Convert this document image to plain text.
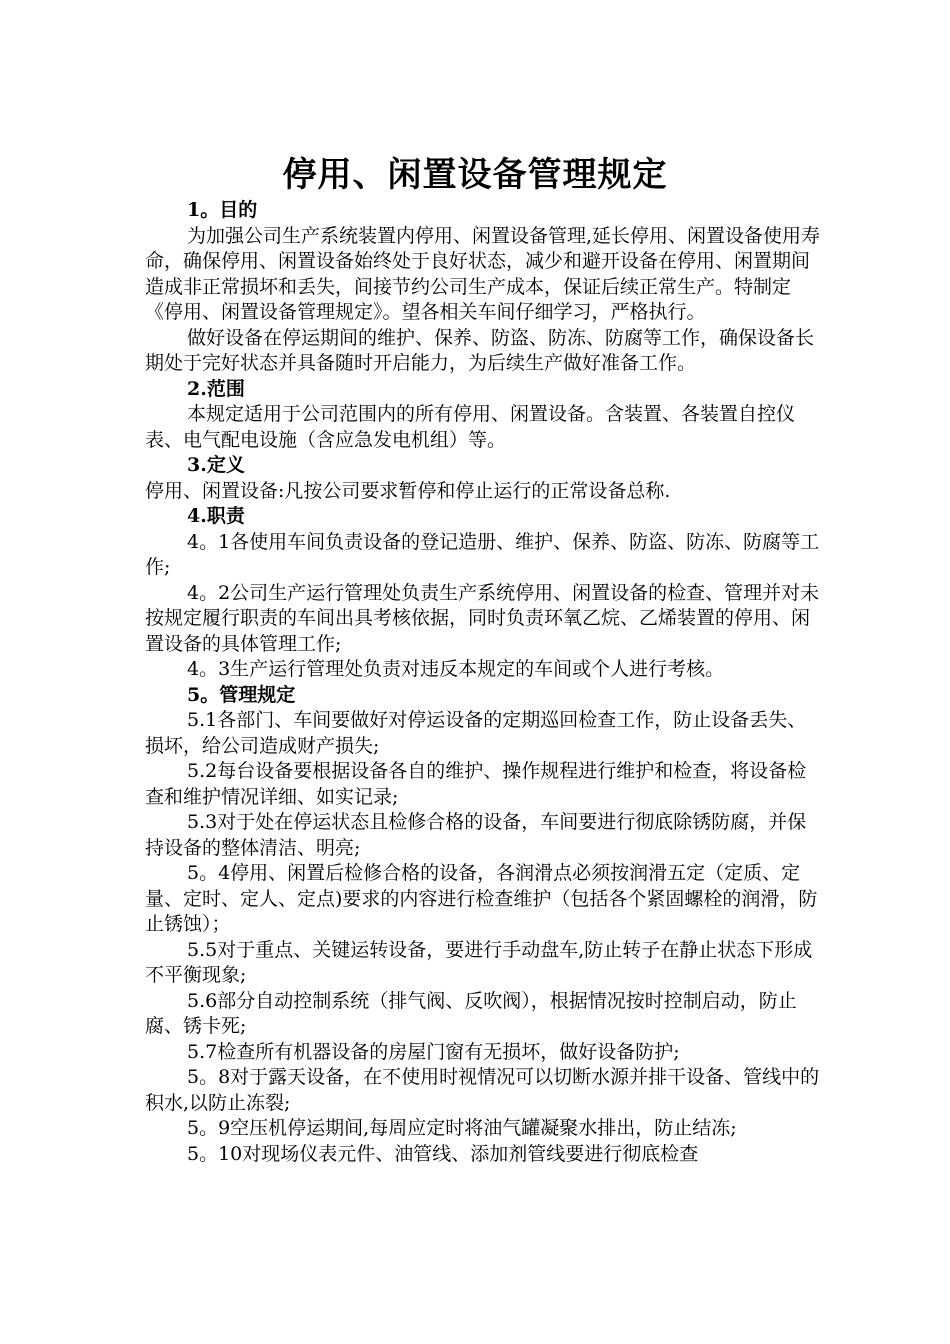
停用、闲置设备管理规定
1。目的
为加强公司生产系统装置内停用、闲置设备管理,延长停用、闲置设备使用寿命，确保停用、闲置设备始终处于良好状态，减少和避开设备在停用、闲置期间造成非正常损坏和丢失，间接节约公司生产成本，保证后续正常生产。特制定《停用、闲置设备管理规定》。望各相关车间仔细学习，严格执行。
做好设备在停运期间的维护、保养、防盗、防冻、防腐等工作，确保设备长期处于完好状态并具备随时开启能力，为后续生产做好准备工作。
2.范围
本规定适用于公司范围内的所有停用、闲置设备。含装置、各装置自控仪表、电气配电设施（含应急发电机组）等。
3.定义
停用、闲置设备:凡按公司要求暂停和停止运行的正常设备总称.
4.职责
4。1各使用车间负责设备的登记造册、维护、保养、防盗、防冻、防腐等工作;
4。2公司生产运行管理处负责生产系统停用、闲置设备的检查、管理并对未按规定履行职责的车间出具考核依据，同时负责环氧乙烷、乙烯装置的停用、闲置设备的具体管理工作;
4。3生产运行管理处负责对违反本规定的车间或个人进行考核。
5。管理规定
5.1各部门、车间要做好对停运设备的定期巡回检查工作，防止设备丢失、损坏，给公司造成财产损失;
5.2每台设备要根据设备各自的维护、操作规程进行维护和检查，将设备检查和维护情况详细、如实记录;
5.3对于处在停运状态且检修合格的设备，车间要进行彻底除锈防腐，并保持设备的整体清洁、明亮;
5。4停用、闲置后检修合格的设备，各润滑点必须按润滑五定（定质、定量、定时、定人、定点)要求的内容进行检查维护（包括各个紧固螺栓的润滑，防止锈蚀）；
5.5对于重点、关键运转设备，要进行手动盘车,防止转子在静止状态下形成不平衡现象;
5.6部分自动控制系统（排气阀、反吹阀），根据情况按时控制启动，防止腐、锈卡死;
5.7检查所有机器设备的房屋门窗有无损坏，做好设备防护;
5。8对于露天设备，在不使用时视情况可以切断水源并排干设备、管线中的积水,以防止冻裂;
5。9空压机停运期间,每周应定时将油气罐凝聚水排出，防止结冻;
5。10对现场仪表元件、油管线、添加剂管线要进行彻底检查
